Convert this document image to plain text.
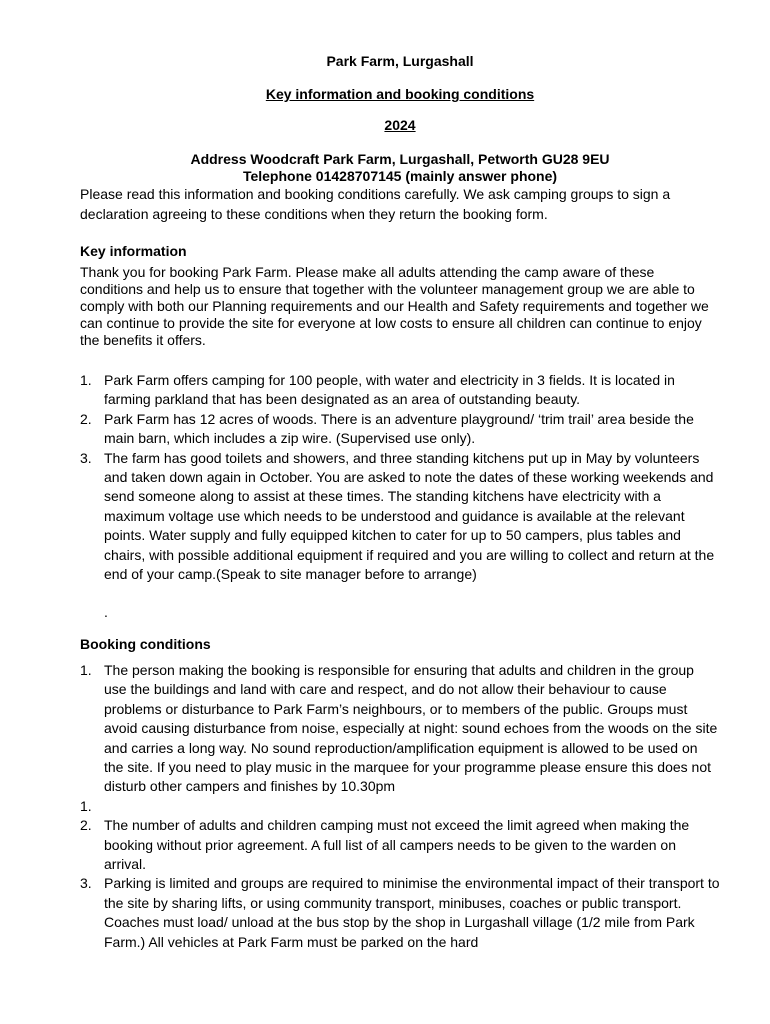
Park Farm, Lurgashall
Key information and booking conditions
2024
Address Woodcraft Park Farm, Lurgashall, Petworth GU28 9EU
Telephone 01428707145 (mainly answer phone)
Please read this information and booking conditions carefully. We ask camping groups to sign a declaration agreeing to these conditions when they return the booking form.
Key information
Thank you for booking Park Farm. Please make all adults attending the camp aware of these conditions and help us to ensure that together with the volunteer management group we are able to comply with both our Planning requirements and our Health and Safety requirements and together we can continue to provide the site for everyone at low costs to ensure all children can continue to enjoy the benefits it offers.
1. Park Farm offers camping for 100 people, with water and electricity in 3 fields. It is located in farming parkland that has been designated as an area of outstanding beauty.
2. Park Farm has 12 acres of woods. There is an adventure playground/ ‘trim trail’ area beside the main barn, which includes a zip wire. (Supervised use only).
3. The farm has good toilets and showers, and three standing kitchens put up in May by volunteers and taken down again in October. You are asked to note the dates of these working weekends and send someone along to assist at these times. The standing kitchens have electricity with a maximum voltage use which needs to be understood and guidance is available at the relevant points. Water supply and fully equipped kitchen to cater for up to 50 campers, plus tables and chairs, with possible additional equipment if required and you are willing to collect and return at the end of your camp.(Speak to site manager before to arrange)
.
Booking conditions
1. The person making the booking is responsible for ensuring that adults and children in the group use the buildings and land with care and respect, and do not allow their behaviour to cause problems or disturbance to Park Farm’s neighbours, or to members of the public. Groups must avoid causing disturbance from noise, especially at night: sound echoes from the woods on the site and carries a long way. No sound reproduction/amplification equipment is allowed to be used on the site. If you need to play music in the marquee for your programme please ensure this does not disturb other campers and finishes by 10.30pm
1.

2. The number of adults and children camping must not exceed the limit agreed when making the booking without prior agreement. A full list of all campers needs to be given to the warden on arrival.
3. Parking is limited and groups are required to minimise the environmental impact of their transport to the site by sharing lifts, or using community transport, minibuses, coaches or public transport. Coaches must load/ unload at the bus stop by the shop in Lurgashall village (1/2 mile from Park Farm.) All vehicles at Park Farm must be parked on the hard
